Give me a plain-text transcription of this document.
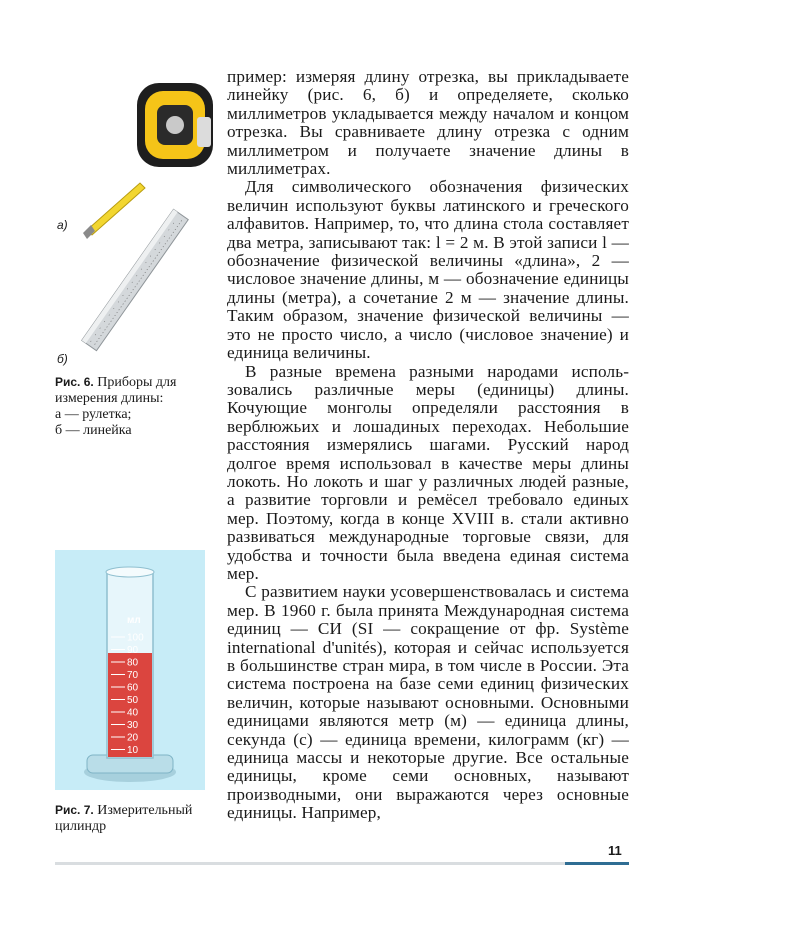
а)
б)
Рис. 6. Приборы для измерения длины:
а — рулетка;
б — линейка
мл
100
90
80
70
60
50
40
30
20
10
Рис. 7. Измерительный цилиндр

пример: измеряя длину отрезка, вы прикладываете линейку (рис. 6, б) и определяете, сколько миллиметров укладывается между началом и концом отрезка. Вы сравниваете длину отрезка с одним миллиметром и получаете значение длины в миллиметрах.

Для символического обозначения физических величин используют буквы латинского и греческого алфавитов. Например, то, что длина стола составляет два метра, записывают так: l = 2 м. В этой записи l — обозначение физической величины «длина», 2 — числовое значение длины, м — обозначение единицы длины (метра), а сочетание 2 м — значение длины. Таким образом, значение физической величины — это не просто число, а число (числовое значение) и единица величины.

В разные времена разными народами использовались различные меры (единицы) длины. Кочующие монголы определяли расстояния в верблюжьих и лошадиных переходах. Небольшие расстояния измерялись шагами. Русский народ долгое время использовал в качестве меры длины локоть. Но локоть и шаг у различных людей разные, а развитие торговли и ремёсел требовало единых мер. Поэтому, когда в конце XVIII в. стали активно развиваться международные торговые связи, для удобства и точности была введена единая система мер.

С развитием науки усовершенствовалась и система мер. В 1960 г. была принята Международная система единиц — СИ (SI — сокращение от фр. Système international d'unités), которая и сейчас используется в большинстве стран мира, в том числе в России. Эта система построена на базе семи единиц физических величин, которые называют основными. Основными единицами являются метр (м) — единица длины, секунда (с) — единица времени, килограмм (кг) — единица массы и некоторые другие. Все остальные единицы, кроме семи основных, называют производными, они выражаются через основные единицы. Например,

11
